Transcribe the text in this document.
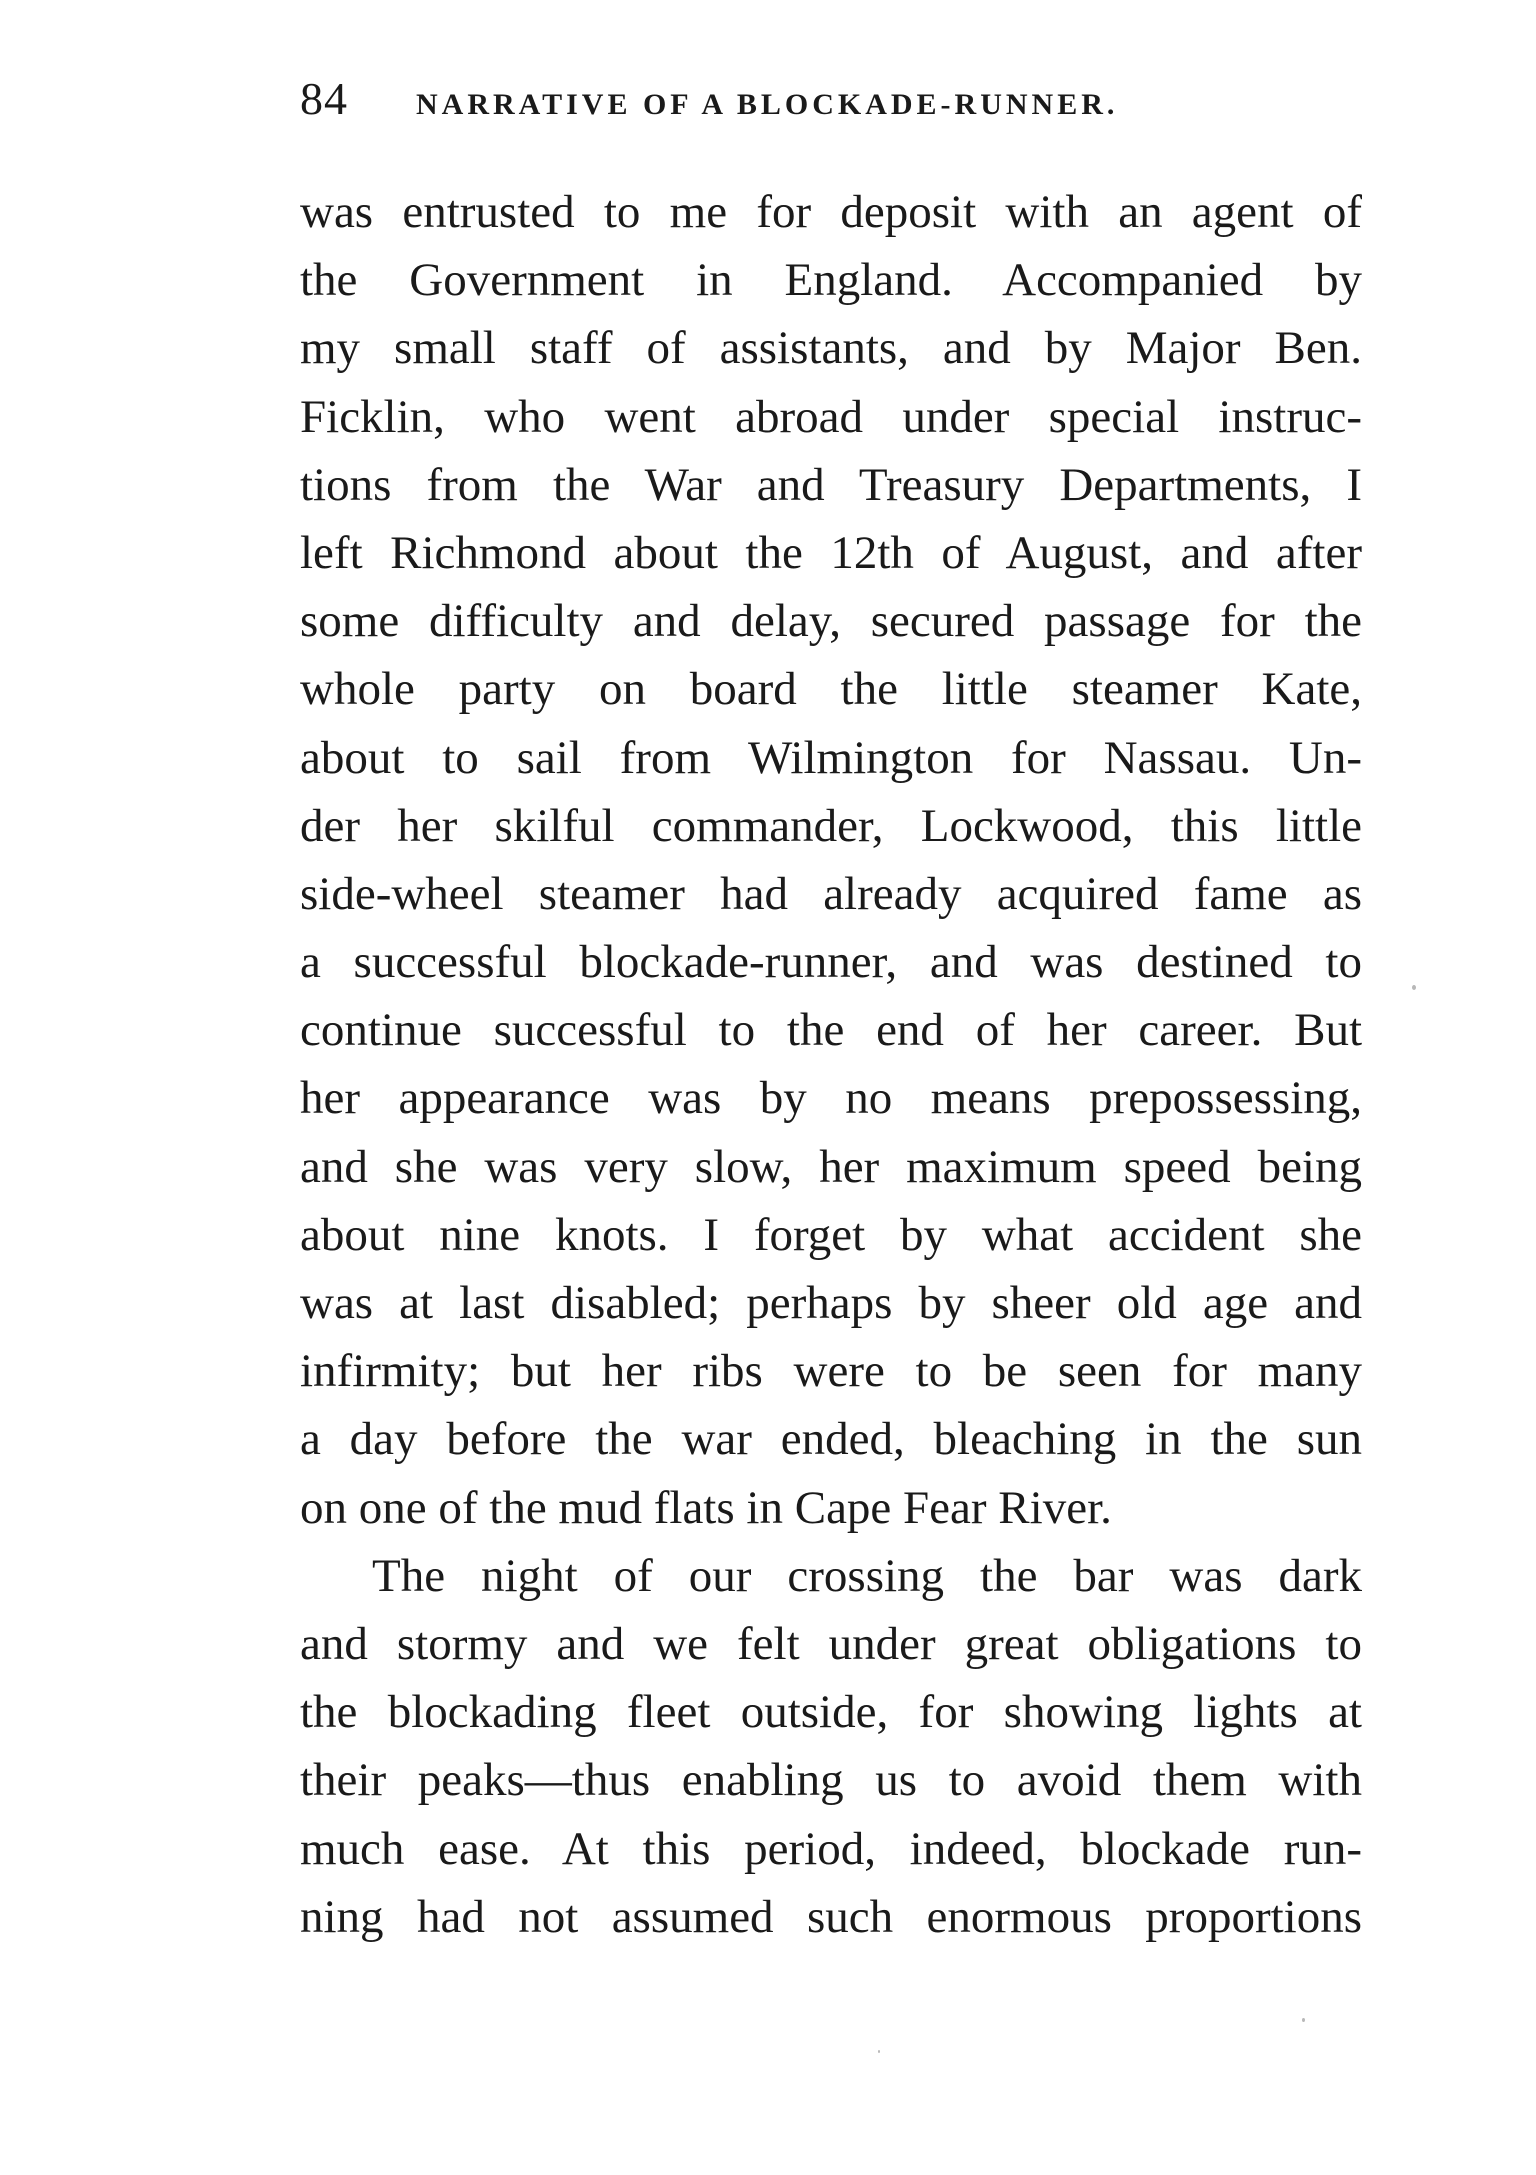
84 NARRATIVE OF A BLOCKADE-RUNNER.
was entrusted to me for deposit with an agent of
the Government in England. Accompanied by
my small staff of assistants, and by Major Ben.
Ficklin, who went abroad under special instruc-
tions from the War and Treasury Departments, I
left Richmond about the 12th of August, and after
some difficulty and delay, secured passage for the
whole party on board the little steamer Kate,
about to sail from Wilmington for Nassau. Un-
der her skilful commander, Lockwood, this little
side-wheel steamer had already acquired fame as
a successful blockade-runner, and was destined to
continue successful to the end of her career. But
her appearance was by no means prepossessing,
and she was very slow, her maximum speed being
about nine knots. I forget by what accident she
was at last disabled; perhaps by sheer old age and
infirmity; but her ribs were to be seen for many
a day before the war ended, bleaching in the sun
on one of the mud flats in Cape Fear River.
The night of our crossing the bar was dark
and stormy and we felt under great obligations to
the blockading fleet outside, for showing lights at
their peaks—thus enabling us to avoid them with
much ease. At this period, indeed, blockade run-
ning had not assumed such enormous proportions
